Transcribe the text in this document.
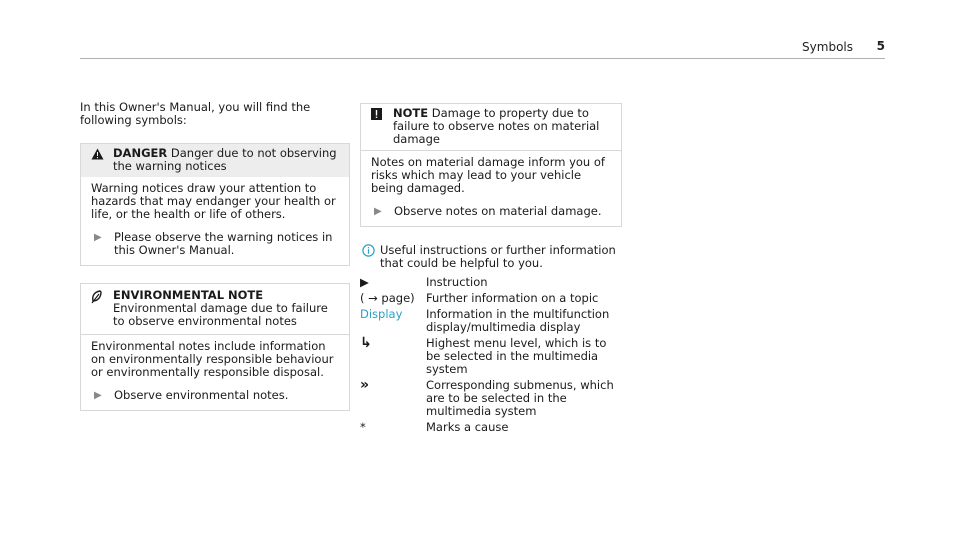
Symbols 5

In this Owner's Manual, you will find the following symbols:

DANGER Danger due to not observing the warning notices

Warning notices draw your attention to hazards that may endanger your health or life, or the health or life of others.

▶	Please observe the warning notices in this Owner's Manual.
ENVIRONMENTAL NOTE Environmental damage due to failure to observe environmental notes

Environmental notes include information on environmentally responsible behaviour or environmentally responsible disposal.

▶	Observe environmental notes.
NOTE Damage to property due to failure to observe notes on material damage

Notes on material damage inform you of risks which may lead to your vehicle being damaged.

▶	Observe notes on material damage.
Useful instructions or further information that could be helpful to you.
▶	Instruction
( → page) Further information on a topic
Display	Information in the multifunction display/multimedia display
↳	Highest menu level, which is to be selected in the multimedia system
»	Corresponding submenus, which are to be selected in the multimedia system
*	Marks a cause
